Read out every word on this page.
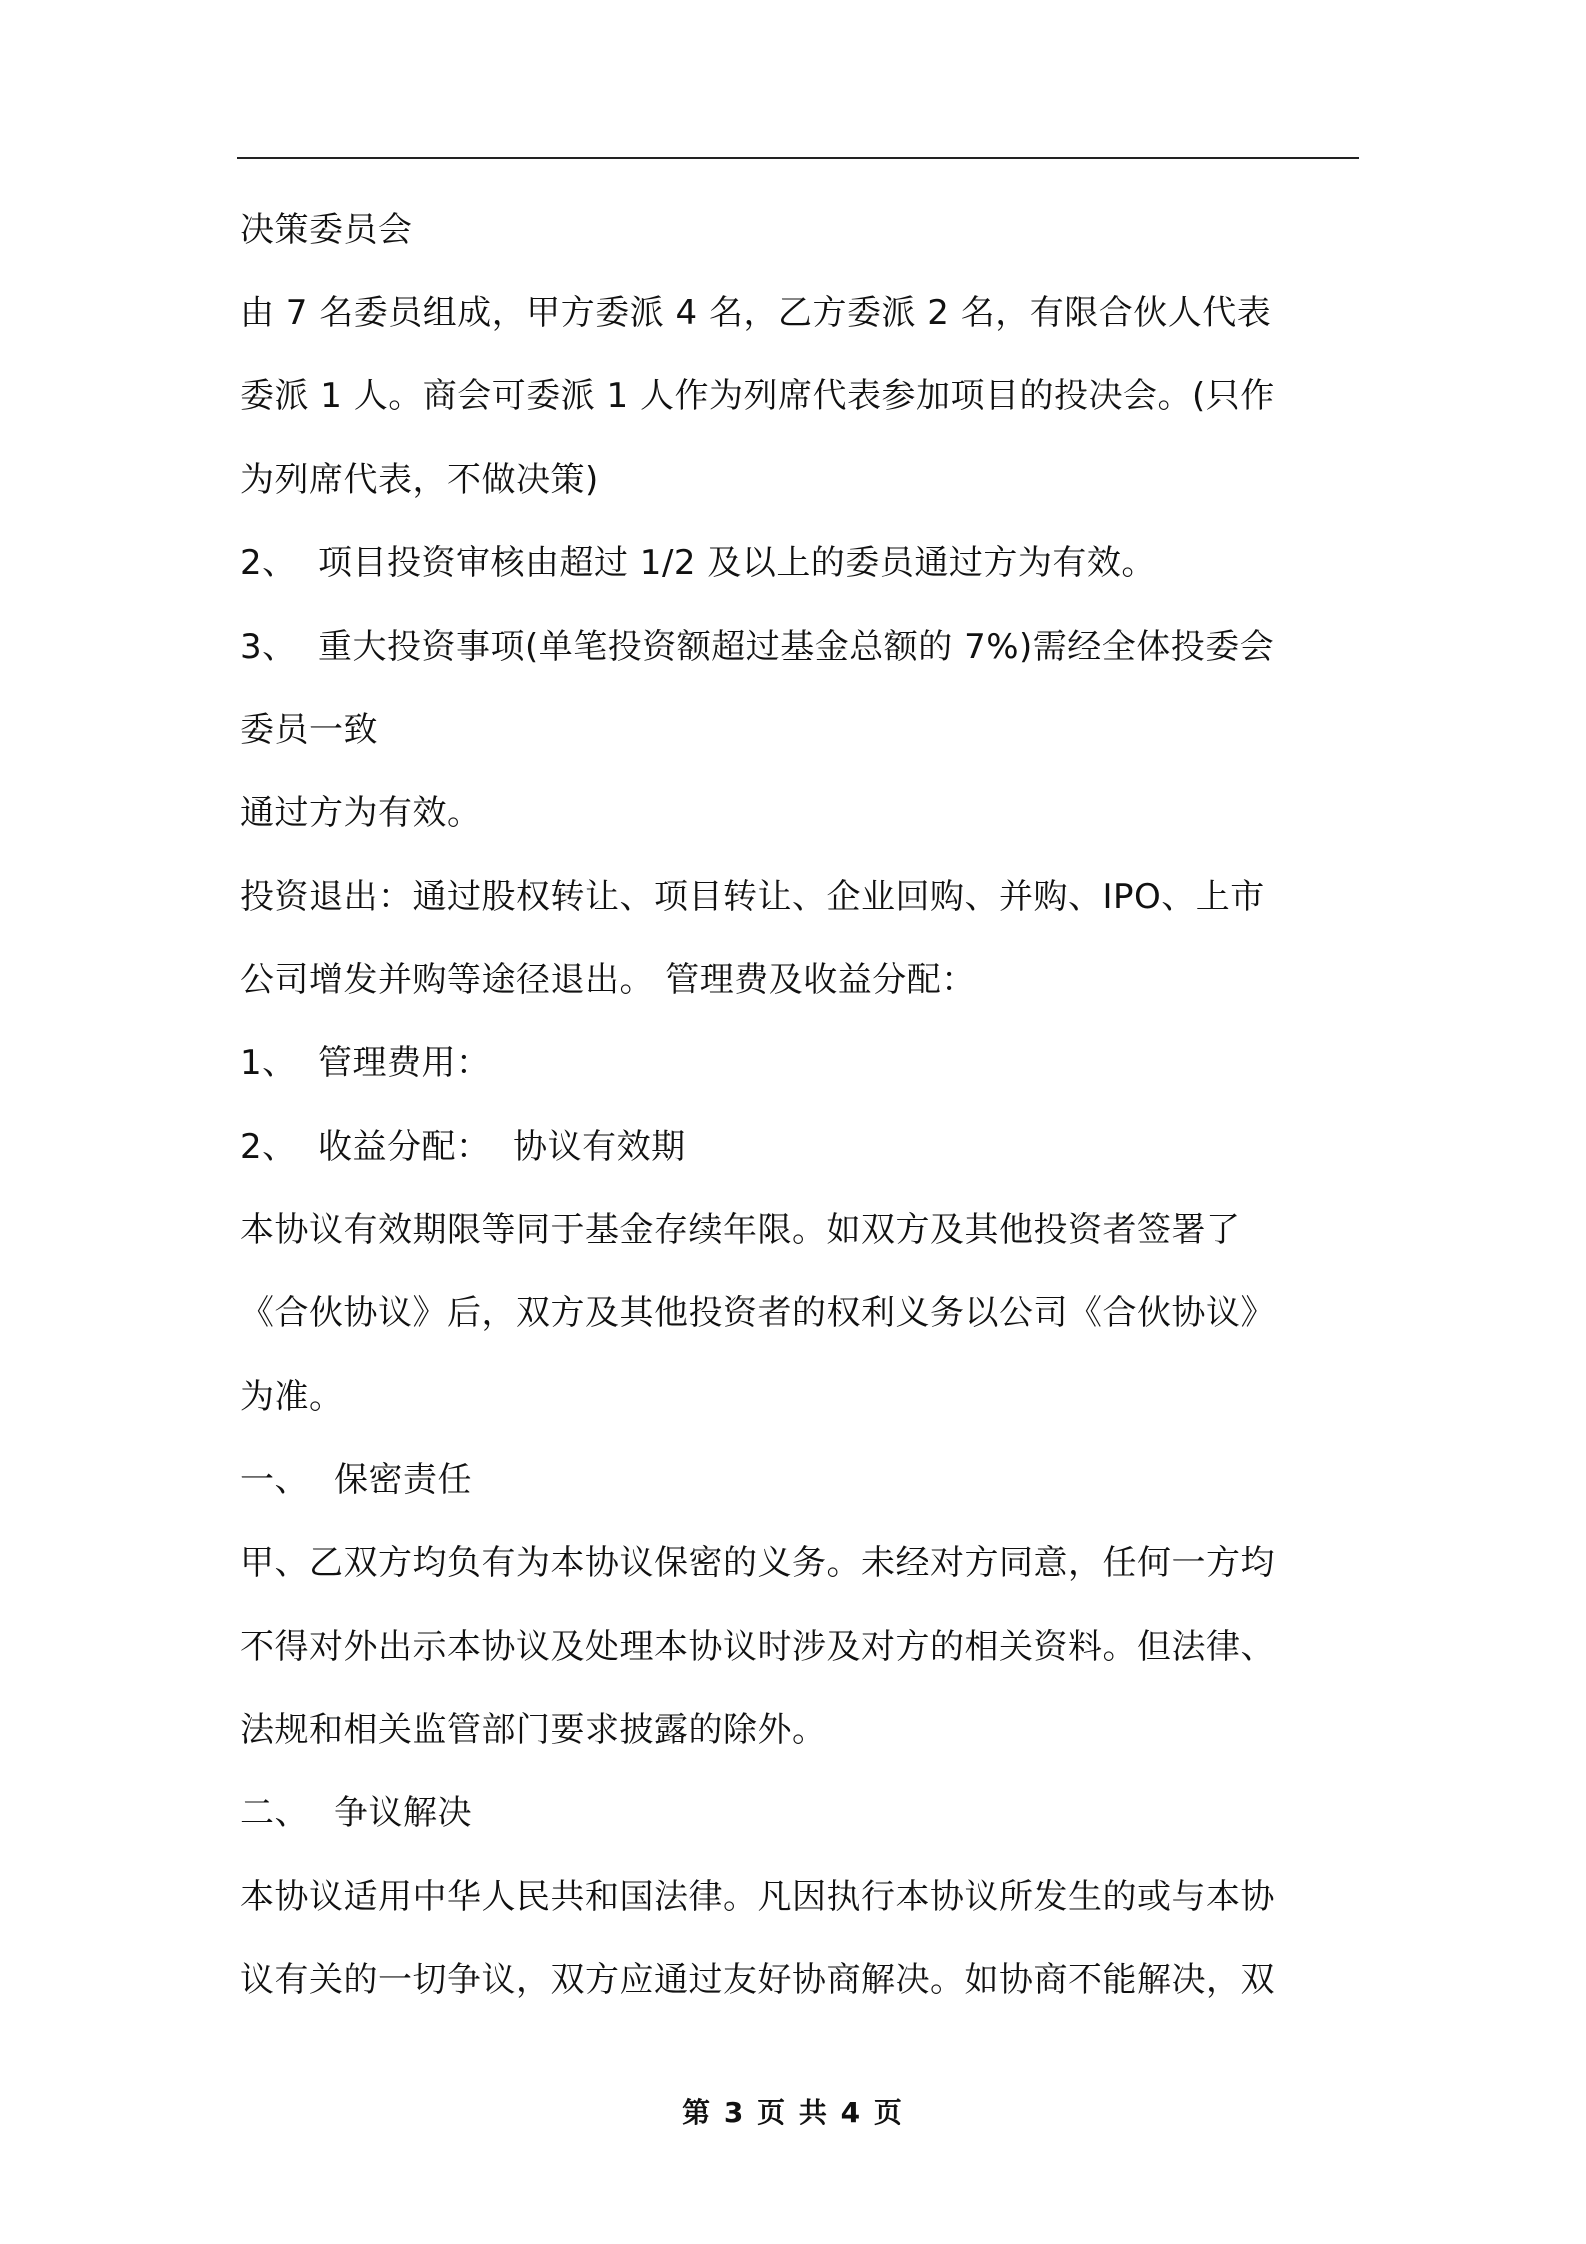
决策委员会
由 7 名委员组成，甲方委派 4 名，乙方委派 2 名，有限合伙人代表
委派 1 人。商会可委派 1 人作为列席代表参加项目的投决会。(只作
为列席代表，不做决策)
2、 项目投资审核由超过 1/2 及以上的委员通过方为有效。
3、 重大投资事项(单笔投资额超过基金总额的 7%)需经全体投委会
委员一致
通过方为有效。
投资退出：通过股权转让、项目转让、企业回购、并购、IPO、上市
公司增发并购等途径退出。 管理费及收益分配：
1、 管理费用：
2、 收益分配：  协议有效期
本协议有效期限等同于基金存续年限。如双方及其他投资者签署了
《合伙协议》后，双方及其他投资者的权利义务以公司《合伙协议》
为准。
一、 保密责任
甲、乙双方均负有为本协议保密的义务。未经对方同意，任何一方均
不得对外出示本协议及处理本协议时涉及对方的相关资料。但法律、
法规和相关监管部门要求披露的除外。
二、 争议解决
本协议适用中华人民共和国法律。凡因执行本协议所发生的或与本协
议有关的一切争议，双方应通过友好协商解决。如协商不能解决，双
第 3 页 共 4 页
